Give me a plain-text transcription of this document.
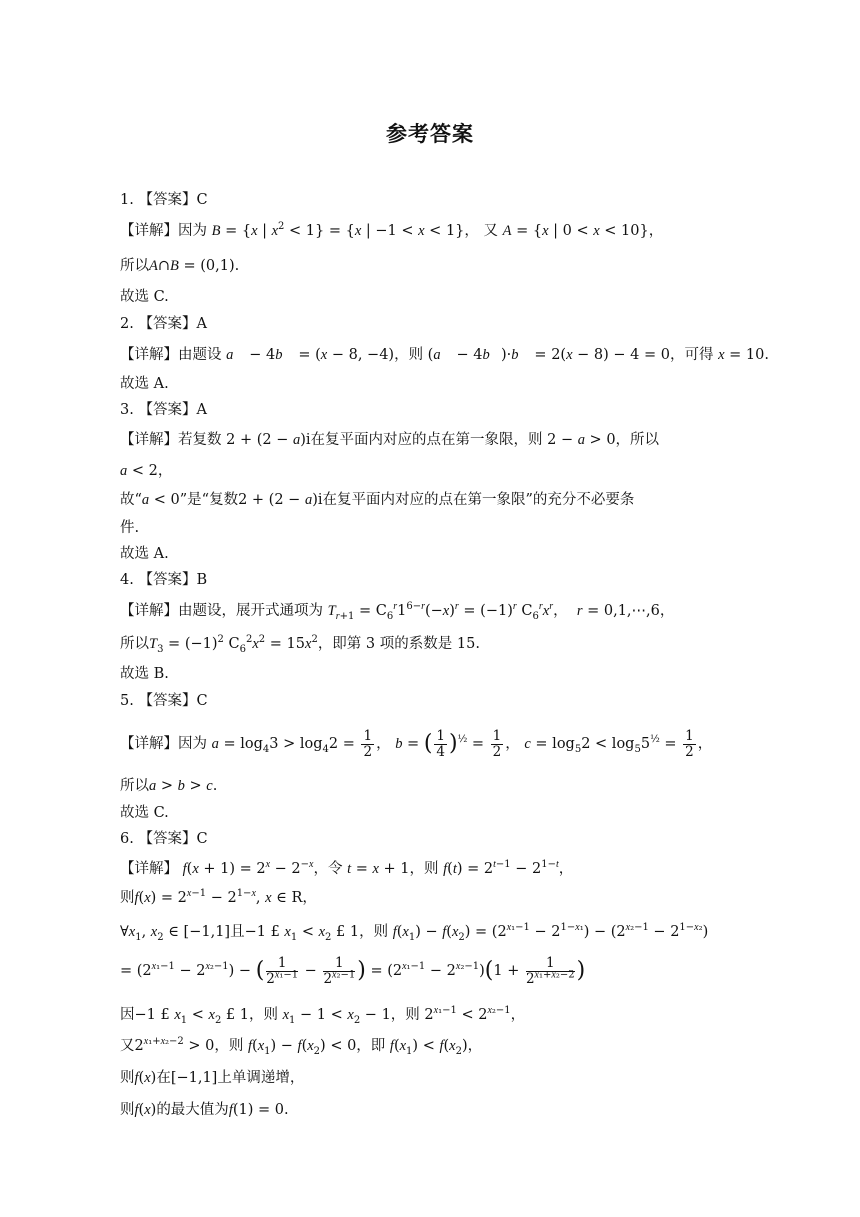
参考答案
1. 【答案】C
【详解】因为 B = {x | $x^2 < 1\} = \{x$ | −1 < x < 1}， 又 A = {x | 0 < x < 10}，
所以A∩B = (0,1).
故选 C.
2. 【答案】A
【详解】由题设 a⃗ − 4b⃗ = (x − 8, −4)，则 (a⃗ − 4b⃗)·b⃗ = 2(x − 8) − 4 = 0，可得 x = 10.
故选 A.
3. 【答案】A
【详解】若复数 2 + (2 − a)i在复平面内对应的点在第一象限，则 2 − a > 0，所以
a < 2，
故“a < 0”是“复数2 + (2 − a)i在复平面内对应的点在第一象限”的充分不必要条
件.
故选 A.
4. 【答案】B
【详解】由题设，展开式通项为 $T_{r+1} = C_6^r1^{6-r}(-x)^r = (-1)^r$ $C_6^rx^r$， r = 0,1,⋯,6，
所以$T_3 = (-1)^2$ $C_6^2x^2 = 15x^2$，即第 3 项的系数是 15.
故选 B.
5. 【答案】C
【详解】因为 $a = \log_43 > \log_42 = \frac{1}{2}$ ， b = ( $\frac{1}{4} )^{\frac{1}{2}} = \frac{1}{2}$ ， $c = \log_52 < \log_55^{\frac{1}{2}} = \frac{1}{2}$ ，
所以a > b > c.
故选 C.
6. 【答案】C
【详解】 $f(x + 1) = 2^x - 2^{-x}$，令 t = x + 1，则 $f(t) = 2^{t-1} - 2^{1-t}$，
则$f(x) = 2^{x-1} - 2^{1-x}$, x ∈ R，
$\forall x_1$, $x_2$ ∈ [−1,1]且−1 £ $x_1 < x_2$ £ 1，则 $f(x_1) - f(x_2) = (2^{x_1-1} - 2^{1-x_1}) - (2^{x_2-1} - 2^{1-x_2})$
= $(2^{x_1-1} - 2^{x_2-1})$ − ( $\frac{1}{2^{x_1-1}} - \frac{1}{2^{x_2-1}}$ ) = $(2^{x_1-1} - 2^{x_2-1})(1 + \frac{1}{2^{x_1+x_2-2}}$ )
因−1 £ $x_1 < x_2$ £ 1，则 $x_1 - 1 < x_2 - 1$，则 $2^{x_1-1} < 2^{x_2-1}$，
又$2^{x_1+x_2-2} > 0$，则 $f(x_1) - f(x_2) < 0$，即 $f(x_1) < f(x_2)$，
则f(x)在[−1,1]上单调递增，
则f(x)的最大值为f(1) = 0.
